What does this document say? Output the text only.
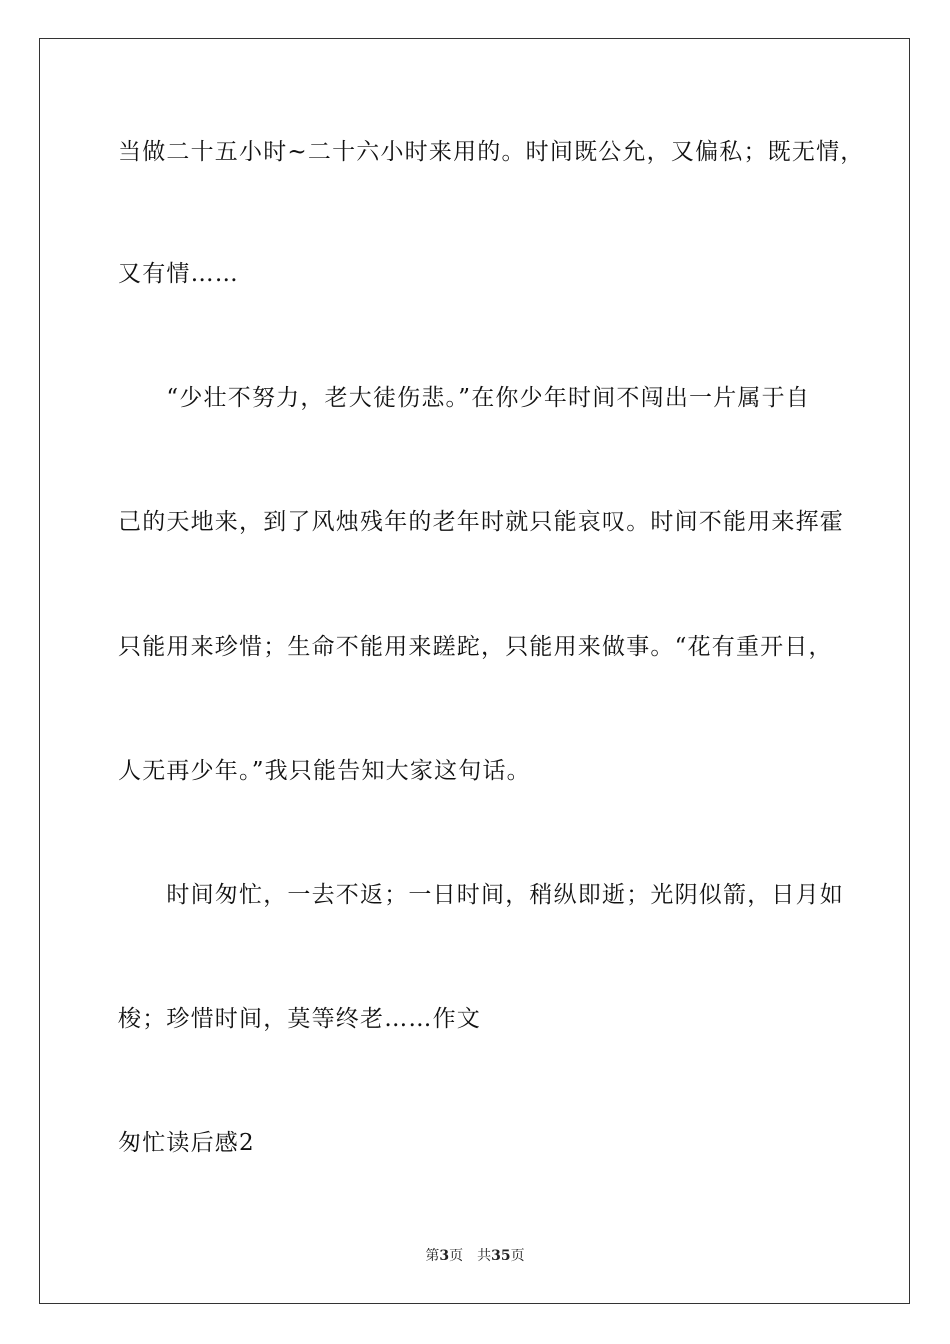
当做二十五小时~二十六小时来用的。时间既公允，又偏私；既无情，
又有情……
　　“少壮不努力，老大徒伤悲。”在你少年时间不闯出一片属于自
己的天地来，到了风烛残年的老年时就只能哀叹。时间不能用来挥霍
只能用来珍惜；生命不能用来蹉跎，只能用来做事。“花有重开日，
人无再少年。”我只能告知大家这句话。
　　时间匆忙，一去不返；一日时间，稍纵即逝；光阴似箭，日月如
梭；珍惜时间，莫等终老……作文
匆忙读后感2
第3页 共35页
